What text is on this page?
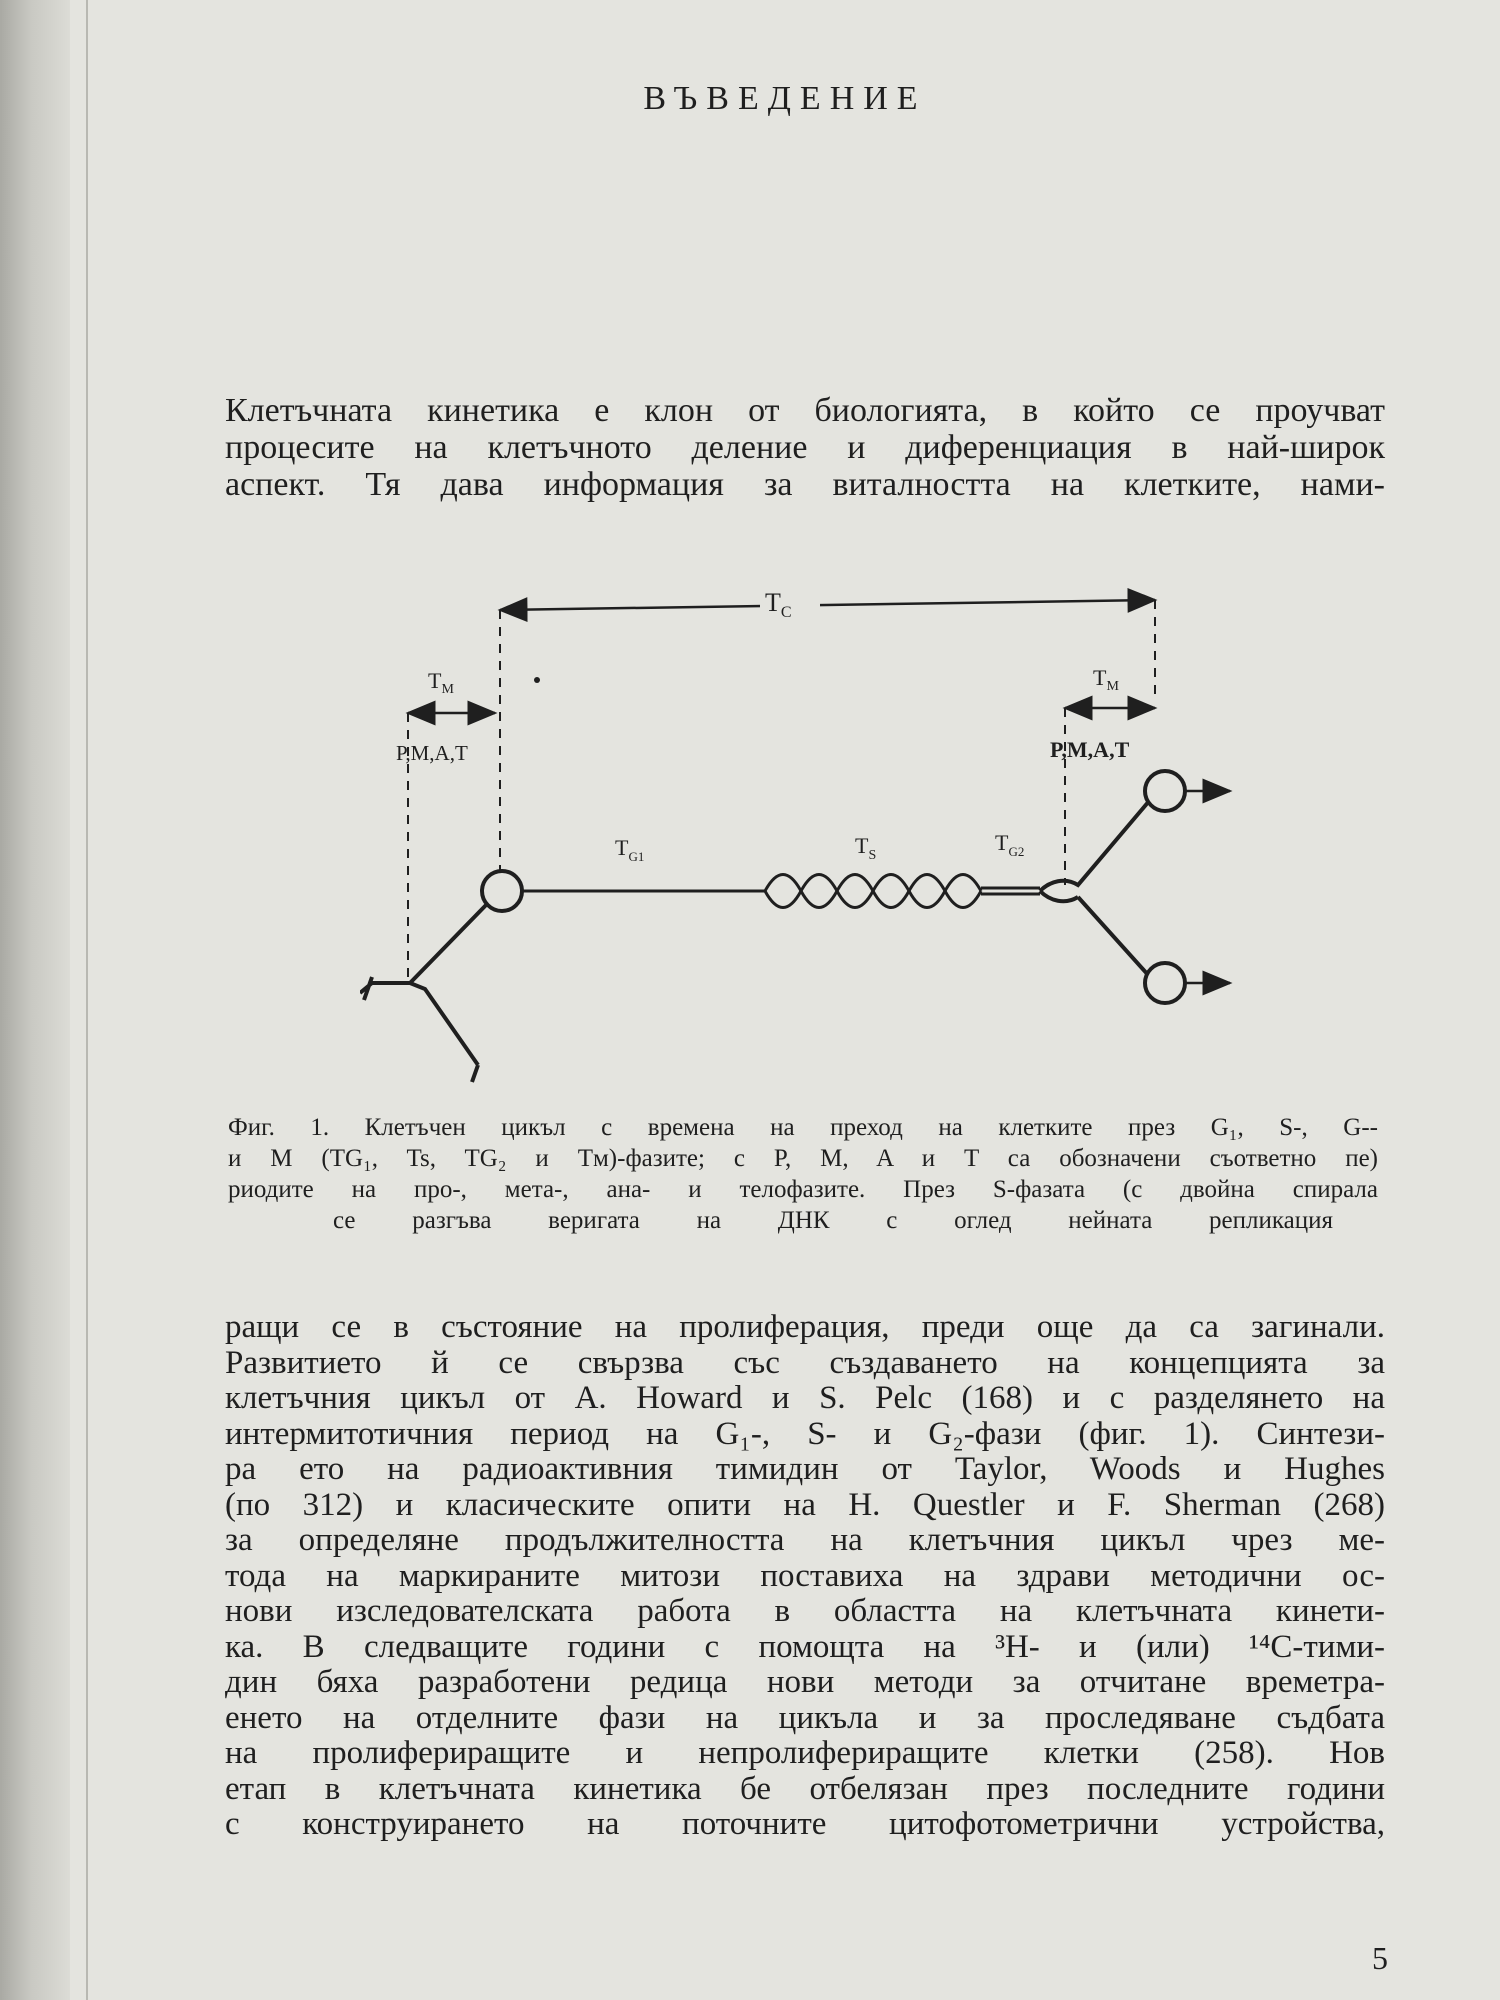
ВЪВЕДЕНИЕ

Клетъчната кинетика е клон от биологията, в който се проучват
процесите на клетъчното деление и диференциация в най-широк
аспект. Тя дава информация за виталността на клетките, нами-

$T_C$
$T_M$
P,M,A,T
$T_M$
P,M,A,T
$T_{G1}$	$T_S$
$T_{G2}$

Фиг. 1. Клетъчен цикъл с времена на преход на клетките през G₁, S-, G--
и M (TG₁, Ts, TG₂ и Tм)-фазите; с P, M, A и T са обозначени съответно пе)
риодите на про-, мета-, ана- и телофазите. През S-фазата (с двойна спирала
се разгъва веригата на ДНК с оглед нейната репликация

ращи се в състояние на пролиферация, преди още да са загинали.
Развитието й се свързва със създаването на концепцията за
клетъчния цикъл от A. Howard и S. Pelc (168) и с разделянето на
интермитотичния период на G₁-, S- и G₂-фази (фиг. 1). Синтези-
ра ето на радиоактивния тимидин от Taylor, Woods и Hughes
(по 312) и класическите опити на H. Questler и F. Sherman (268)
за определяне продължителността на клетъчния цикъл чрез ме-
тода на маркираните митози поставиха на здрави методични ос-
нови изследователската работа в областта на клетъчната кинети-
ка. В следващите години с помощта на ³H- и (или) ¹⁴C-тими-
дин бяха разработени редица нови методи за отчитане времетра-
енето на отделните фази на цикъла и за проследяване съдбата
на пролифериращите и непролифериращите клетки (258). Нов
етап в клетъчната кинетика бе отбелязан през последните години
с конструирането на поточните цитофотометрични устройства,

5
